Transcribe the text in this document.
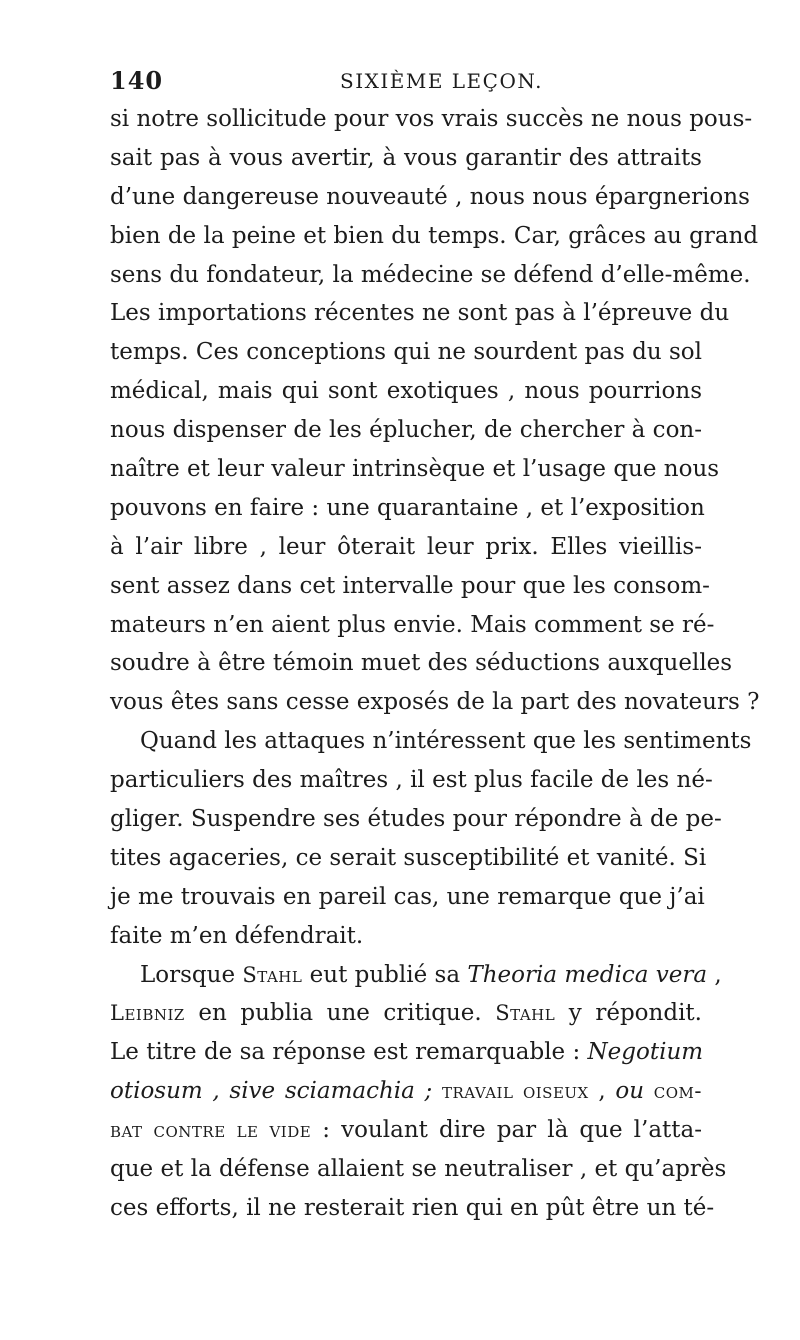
140	SIXIÈME LEÇON.
si notre sollicitude pour vos vrais succès ne nous pous-
sait pas à vous avertir, à vous garantir des attraits
d’une dangereuse nouveauté , nous nous épargnerions
bien de la peine et bien du temps. Car, grâces au grand
sens du fondateur, la médecine se défend d’elle-même.
Les importations récentes ne sont pas à l’épreuve du
temps. Ces conceptions qui ne sourdent pas du sol
médical, mais qui sont exotiques , nous pourrions
nous dispenser de les éplucher, de chercher à con-
naître et leur valeur intrinsèque et l’usage que nous
pouvons en faire : une quarantaine , et l’exposition
à l’air libre , leur ôterait leur prix. Elles vieillis-
sent assez dans cet intervalle pour que les consom-
mateurs n’en aient plus envie. Mais comment se ré-
soudre à être témoin muet des séductions auxquelles
vous êtes sans cesse exposés de la part des novateurs ?
Quand les attaques n’intéressent que les sentiments
particuliers des maîtres , il est plus facile de les né-
gliger. Suspendre ses études pour répondre à de pe-
tites agaceries, ce serait susceptibilité et vanité. Si
je me trouvais en pareil cas, une remarque que j’ai
faite m’en défendrait.
Lorsque Stahl eut publié sa Theoria medica vera ,
Leibniz en publia une critique. Stahl y répondit.
Le titre de sa réponse est remarquable : Negotium
otiosum , sive sciamachia ; travail oiseux , ou com-
bat contre le vide : voulant dire par là que l’atta-
que et la défense allaient se neutraliser , et qu’après
ces efforts, il ne resterait rien qui en pût être un té-
